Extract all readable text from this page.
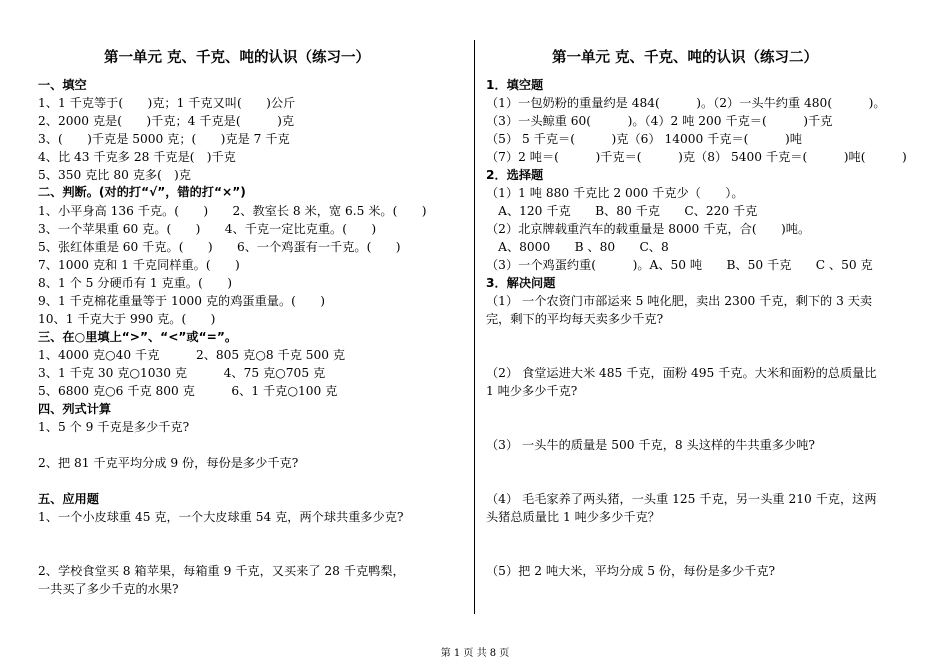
第一单元 克、千克、吨的认识（练习一）	第一单元 克、千克、吨的认识（练习二）
一、填空
1、1 千克等于(　　)克；1 千克又叫(　　)公斤
2、2000 克是(　　)千克；4 千克是(　　　)克
3、(　　)千克是 5000 克；(　　)克是 7 千克
4、比 43 千克多 28 千克是(　)千克
5、350 克比 80 克多(　)克
二、判断。(对的打“√”，错的打“×”)
1、小平身高 136 千克。(　　)　　2、教室长 8 米，宽 6.5 米。(　　)
3、一个苹果重 60 克。(　　)　　4、千克一定比克重。(　　)
5、张红体重是 60 千克。(　　)　　6、一个鸡蛋有一千克。(　　)
7、1000 克和 1 千克同样重。(　　)
8、1 个 5 分硬币有 1 克重。(　　)
9、1 千克棉花重量等于 1000 克的鸡蛋重量。(　　)
10、1 千克大于 990 克。(　　)
三、在○里填上“>”、“<”或“=”。
1、4000 克○40 千克　　　2、805 克○8 千克 500 克
3、1 千克 30 克○1030 克　　　4、75 克○705 克
5、6800 克○6 千克 800 克　　　6、1 千克○100 克
四、列式计算
1、5 个 9 千克是多少千克?
2、把 81 千克平均分成 9 份，每份是多少千克?
五、应用题
1、一个小皮球重 45 克，一个大皮球重 54 克，两个球共重多少克?
2、学校食堂买 8 箱苹果，每箱重 9 千克，又买来了 28 千克鸭梨，
一共买了多少千克的水果?
1．填空题
（1）一包奶粉的重量约是 484(　　　)。（2）一头牛约重 480(　　　)。
（3）一头鲸重 60(　　　)。（4）2 吨 200 千克＝(　　　)千克
（5） 5 千克＝(　　　)克（6） 14000 千克＝(　　　)吨
（7）2 吨＝(　　　)千克＝(　　　)克（8） 5400 千克＝(　　　)吨(　　　)
2．选择题
（1）1 吨 880 千克比 2 000 千克少（　　）。
　A、120 千克　　B、80 千克　　C、220 千克
（2）北京牌载重汽车的载重量是 8000 千克，合(　　)吨。
　A、8000　　B 、80　　C、8
（3）一个鸡蛋约重(　　　)。A、50 吨　　B、50 千克　　C 、50 克
3．解决问题
（1） 一个农资门市部运来 5 吨化肥，卖出 2300 千克，剩下的 3 天卖
完，剩下的平均每天卖多少千克?
（2） 食堂运进大米 485 千克，面粉 495 千克。大米和面粉的总质量比
1 吨少多少千克?
（3） 一头牛的质量是 500 千克，8 头这样的牛共重多少吨?
（4） 毛毛家养了两头猪，一头重 125 千克，另一头重 210 千克，这两
头猪总质量比 1 吨少多少千克？
（5）把 2 吨大米，平均分成 5 份，每份是多少千克?
第 1 页 共 8 页
